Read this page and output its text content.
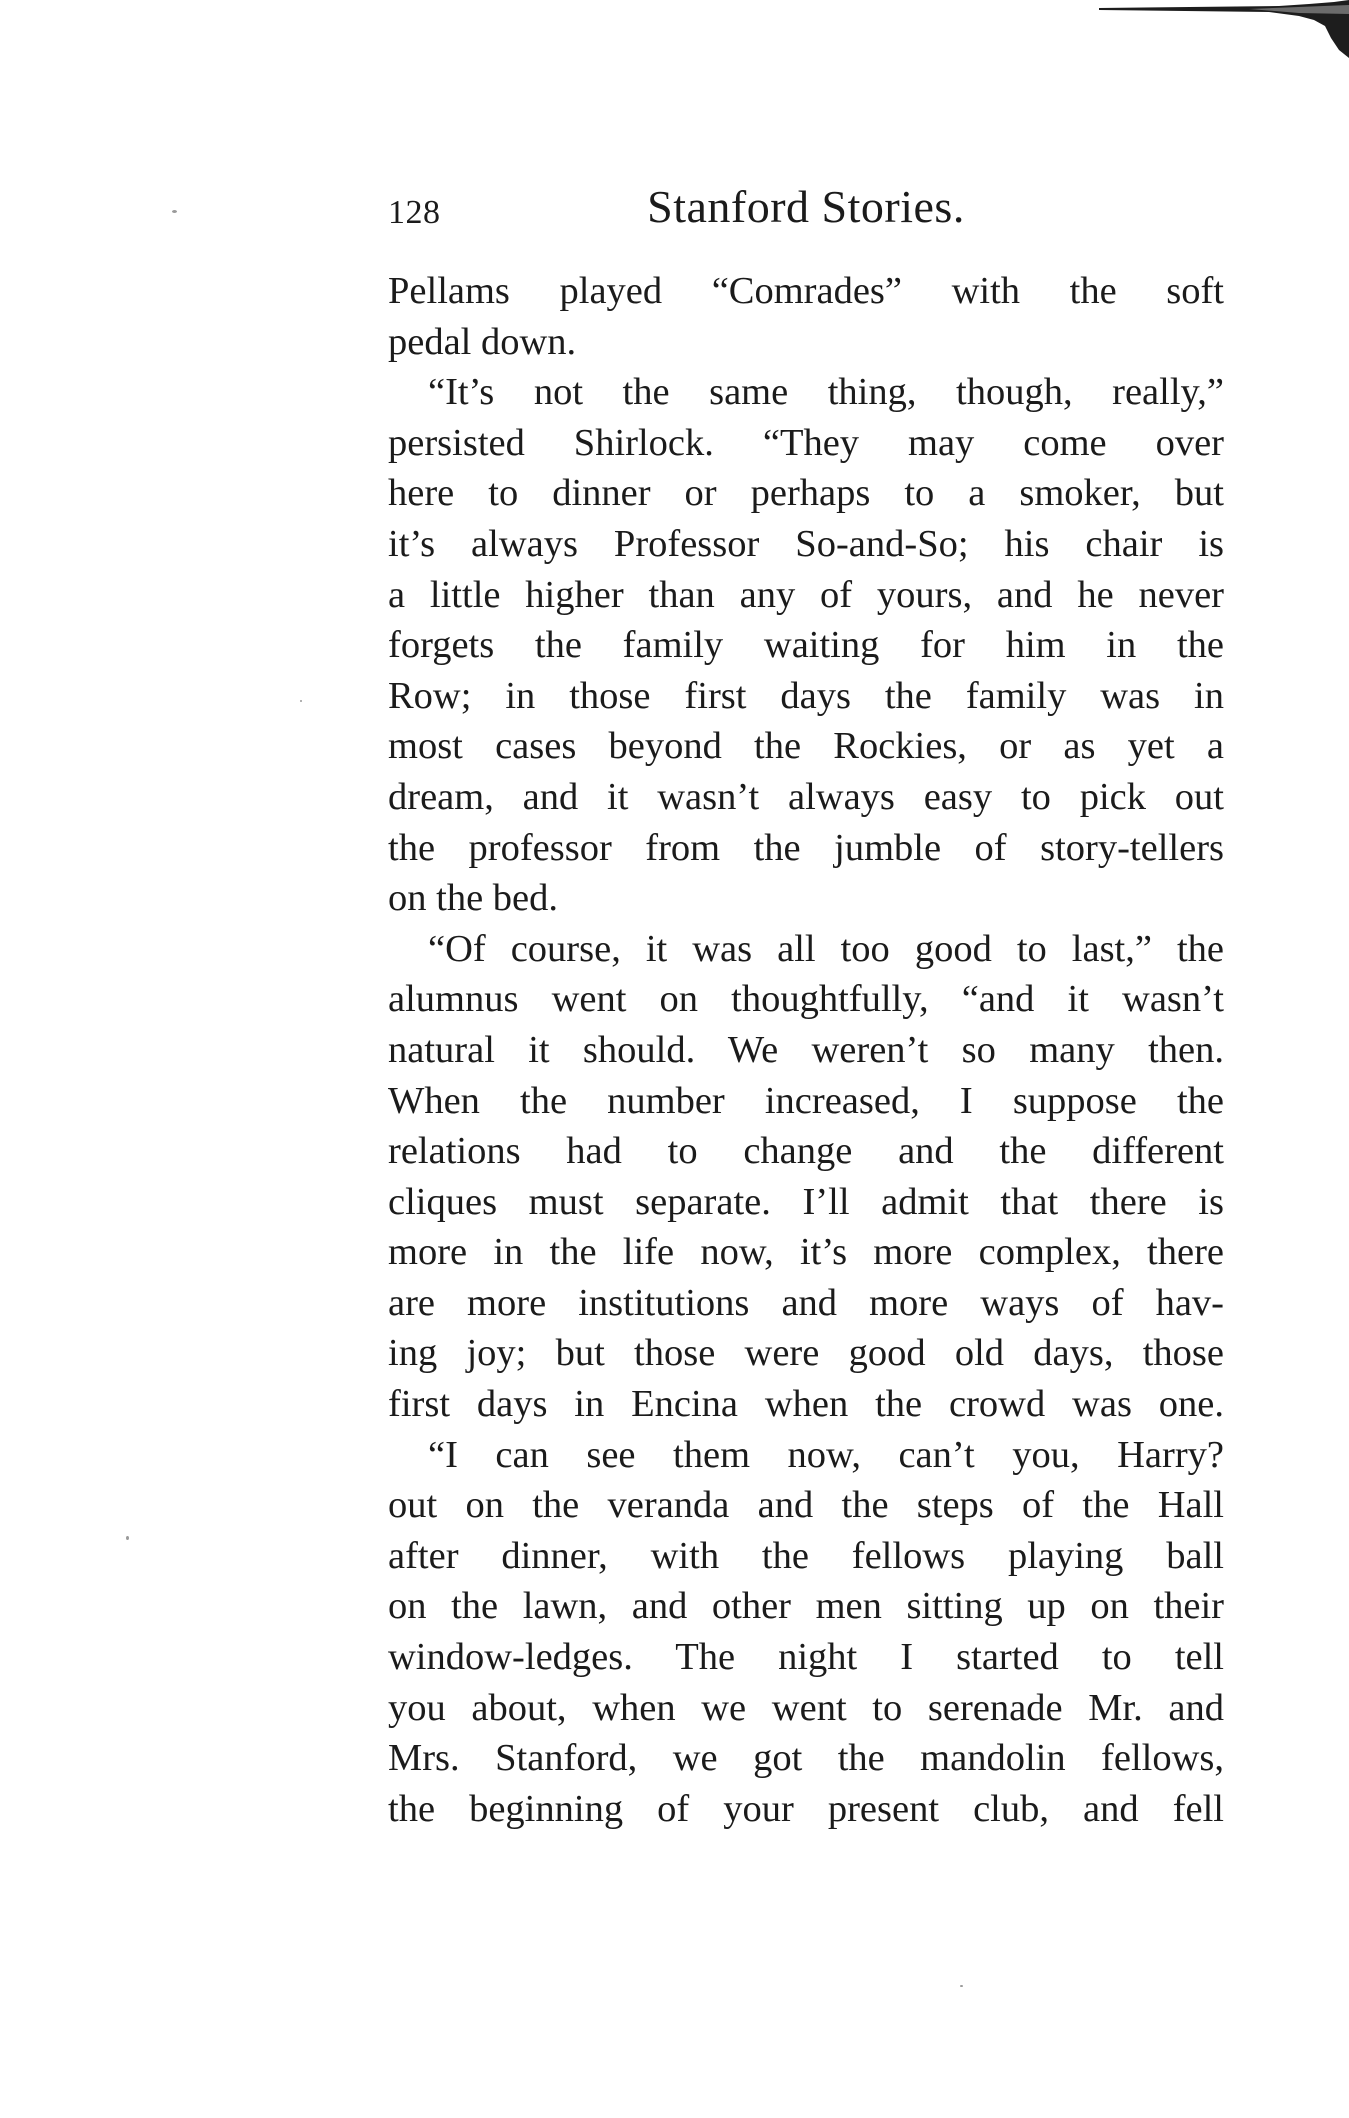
128	Stanford Stories.
Pellams played “Comrades” with the soft
pedal down.
“It’s not the same thing, though, really,”
persisted Shirlock. “They may come over
here to dinner or perhaps to a smoker, but
it’s always Professor So-and-So; his chair is
a little higher than any of yours, and he never
forgets the family waiting for him in the
Row; in those first days the family was in
most cases beyond the Rockies, or as yet a
dream, and it wasn’t always easy to pick out
the professor from the jumble of story-tellers
on the bed.
“Of course, it was all too good to last,” the
alumnus went on thoughtfully, “and it wasn’t
natural it should. We weren’t so many then.
When the number increased, I suppose the
relations had to change and the different
cliques must separate. I’ll admit that there is
more in the life now, it’s more complex, there
are more institutions and more ways of hav-
ing joy; but those were good old days, those
first days in Encina when the crowd was one.
“I can see them now, can’t you, Harry?
out on the veranda and the steps of the Hall
after dinner, with the fellows playing ball
on the lawn, and other men sitting up on their
window-ledges. The night I started to tell
you about, when we went to serenade Mr. and
Mrs. Stanford, we got the mandolin fellows,
the beginning of your present club, and fell
